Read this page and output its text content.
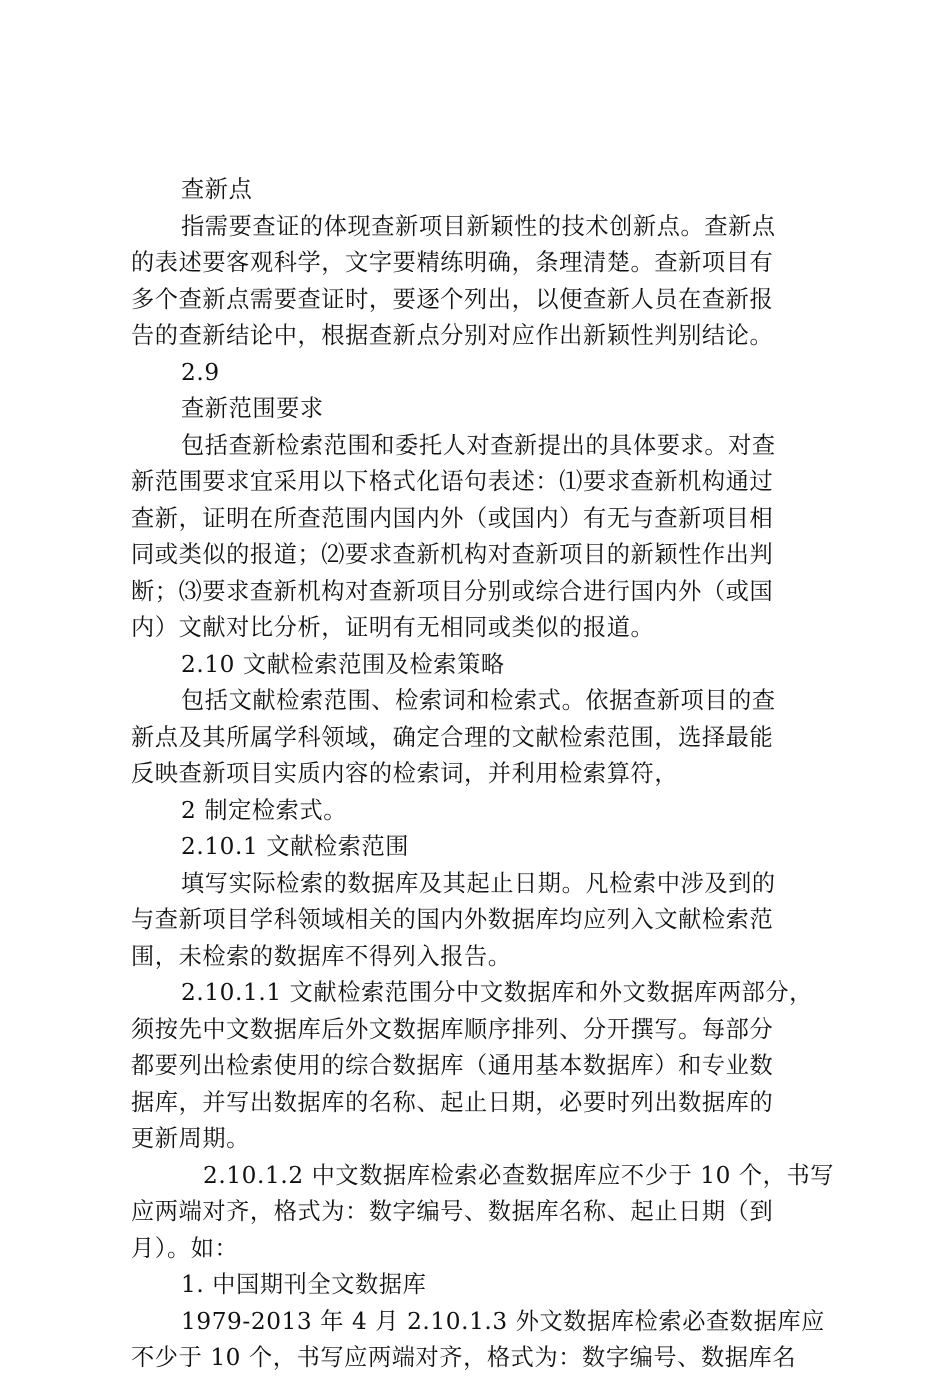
查新点
指需要查证的体现查新项目新颖性的技术创新点。查新点
的表述要客观科学，文字要精练明确，条理清楚。查新项目有
多个查新点需要查证时，要逐个列出，以便查新人员在查新报
告的查新结论中，根据查新点分别对应作出新颖性判别结论。
2.9
查新范围要求
包括查新检索范围和委托人对查新提出的具体要求。对查
新范围要求宜采用以下格式化语句表述：⑴要求查新机构通过
查新，证明在所查范围内国内外（或国内）有无与查新项目相
同或类似的报道；⑵要求查新机构对查新项目的新颖性作出判
断；⑶要求查新机构对查新项目分别或综合进行国内外（或国
内）文献对比分析，证明有无相同或类似的报道。
2.10 文献检索范围及检索策略
包括文献检索范围、检索词和检索式。依据查新项目的查
新点及其所属学科领域，确定合理的文献检索范围，选择最能
反映查新项目实质内容的检索词，并利用检索算符，
2 制定检索式。
2.10.1 文献检索范围
填写实际检索的数据库及其起止日期。凡检索中涉及到的
与查新项目学科领域相关的国内外数据库均应列入文献检索范
围，未检索的数据库不得列入报告。
2.10.1.1 文献检索范围分中文数据库和外文数据库两部分，
须按先中文数据库后外文数据库顺序排列、分开撰写。每部分
都要列出检索使用的综合数据库（通用基本数据库）和专业数
据库，并写出数据库的名称、起止日期，必要时列出数据库的
更新周期。
2.10.1.2 中文数据库检索必查数据库应不少于 10 个，书写
应两端对齐，格式为：数字编号、数据库名称、起止日期（到
月）。如：
1. 中国期刊全文数据库
1979-2013 年 4 月 2.10.1.3 外文数据库检索必查数据库应
不少于 10 个，书写应两端对齐，格式为：数字编号、数据库名
